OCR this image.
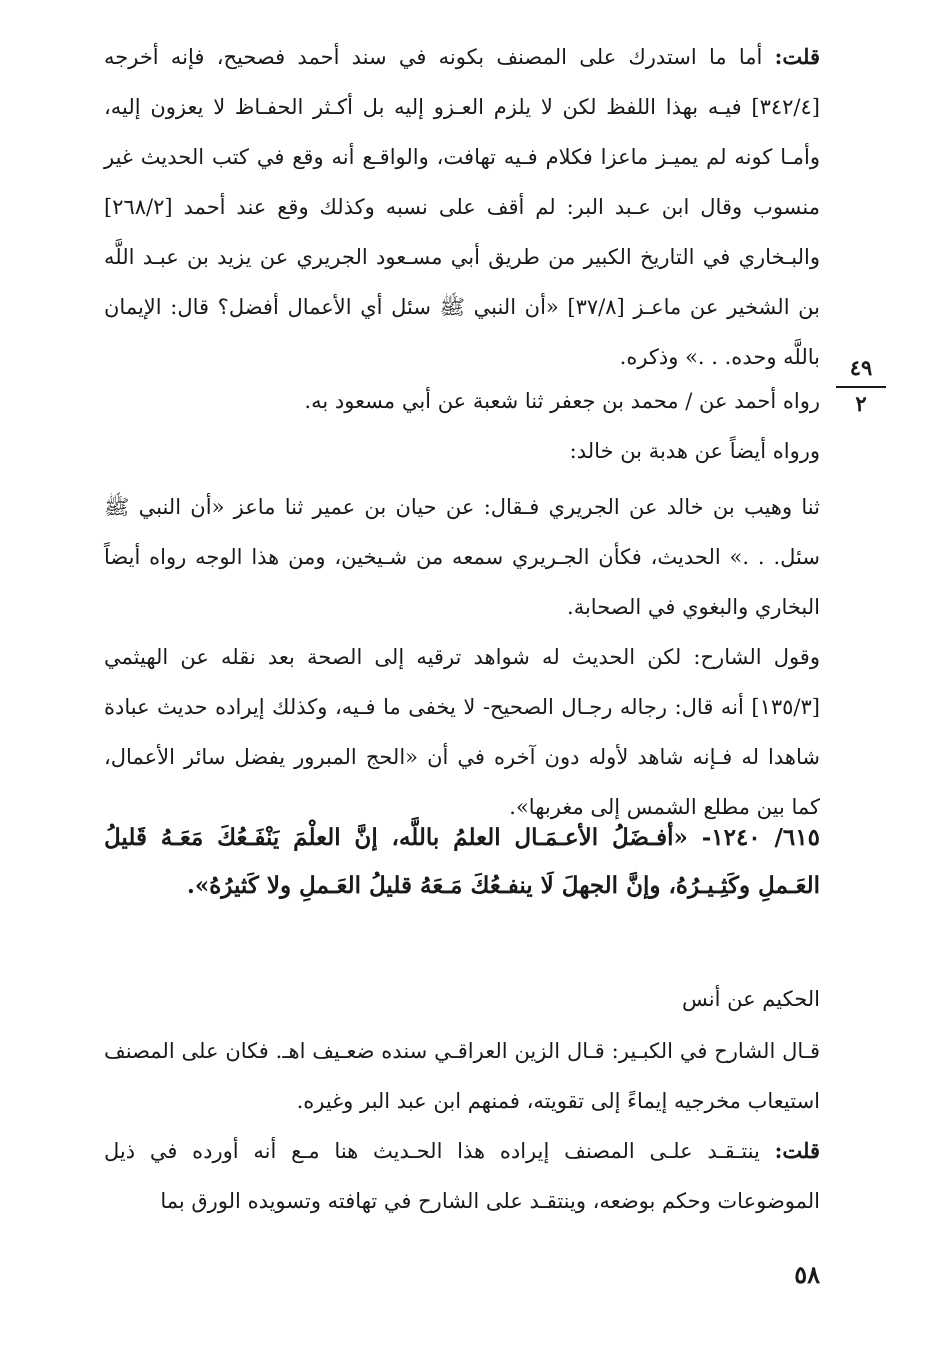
قلت: أما ما استدرك على المصنف بكونه في سند أحمد فصحيح، فإنه أخرجه [٣٤٢/٤] فيـه بهذا اللفظ لكن لا يلزم العـزو إليه بل أكـثر الحفـاظ لا يعزون إليه، وأمـا كونه لم يميـز ماعزا فكلام فـيه تهافت، والواقـع أنه وقع في كتب الحديث غير منسوب وقال ابن عـبد البر: لم أقف على نسبه وكذلك وقع عند أحمد [٢٦٨/٢] والبـخاري في التاريخ الكبير من طريق أبي مسـعود الجريري عن يزيد بن عبـد اللَّه بن الشخير عن ماعـز [٣٧/٨] «أن النبي ﷺ سئل أي الأعمال أفضل؟ قال: الإيمان باللَّه وحده. . .» وذكره.

رواه أحمد عن / محمد بن جعفر ثنا شعبة عن أبي مسعود به.

ورواه أيضاً عن هدبة بن خالد:

ثنا وهيب بن خالد عن الجريري فـقال: عن حيان بن عمير ثنا ماعز «أن النبي ﷺ سئل. . .» الحديث، فكأن الجـريري سمعه من شـيخين، ومن هذا الوجه رواه أيضاً البخاري والبغوي في الصحابة.

وقول الشارح: لكن الحديث له شواهد ترقيه إلى الصحة بعد نقله عن الهيثمي [١٣٥/٣] أنه قال: رجاله رجـال الصحيح- لا يخفى ما فـيه، وكذلك إيراده حديث عبادة شاهدا له فـإنه شاهد لأوله دون آخره في أن «الحج المبرور يفضل سائر الأعمال، كما بين مطلع الشمس إلى مغربها».

٦١٥/ ١٢٤٠- «أفـضَلُ الأعـمَـال العلمُ باللَّه، إنَّ العلْمَ يَنْفَـعُكَ مَعَـهُ قَليلُ العَـملِ وكَثِـيـرُهُ، وإنَّ الجهلَ لَا ينفـعُكَ مَـعَهُ قليلُ العَـملِ ولا كَثيرُهُ».

الحكيم عن أنس

قـال الشارح في الكبـير: قـال الزين العراقـي سنده ضعـيف اهـ. فكان على المصنف استيعاب مخرجيه إيماءً إلى تقويته، فمنهم ابن عبد البر وغيره.

قلت: ينتـقـد علـى المصنف إيراده هذا الحـديث هنا مـع أنه أورده في ذيل الموضوعات وحكم بوضعه، وينتقـد على الشارح في تهافته وتسويده الورق بما

٤٩
٢
٥٨
